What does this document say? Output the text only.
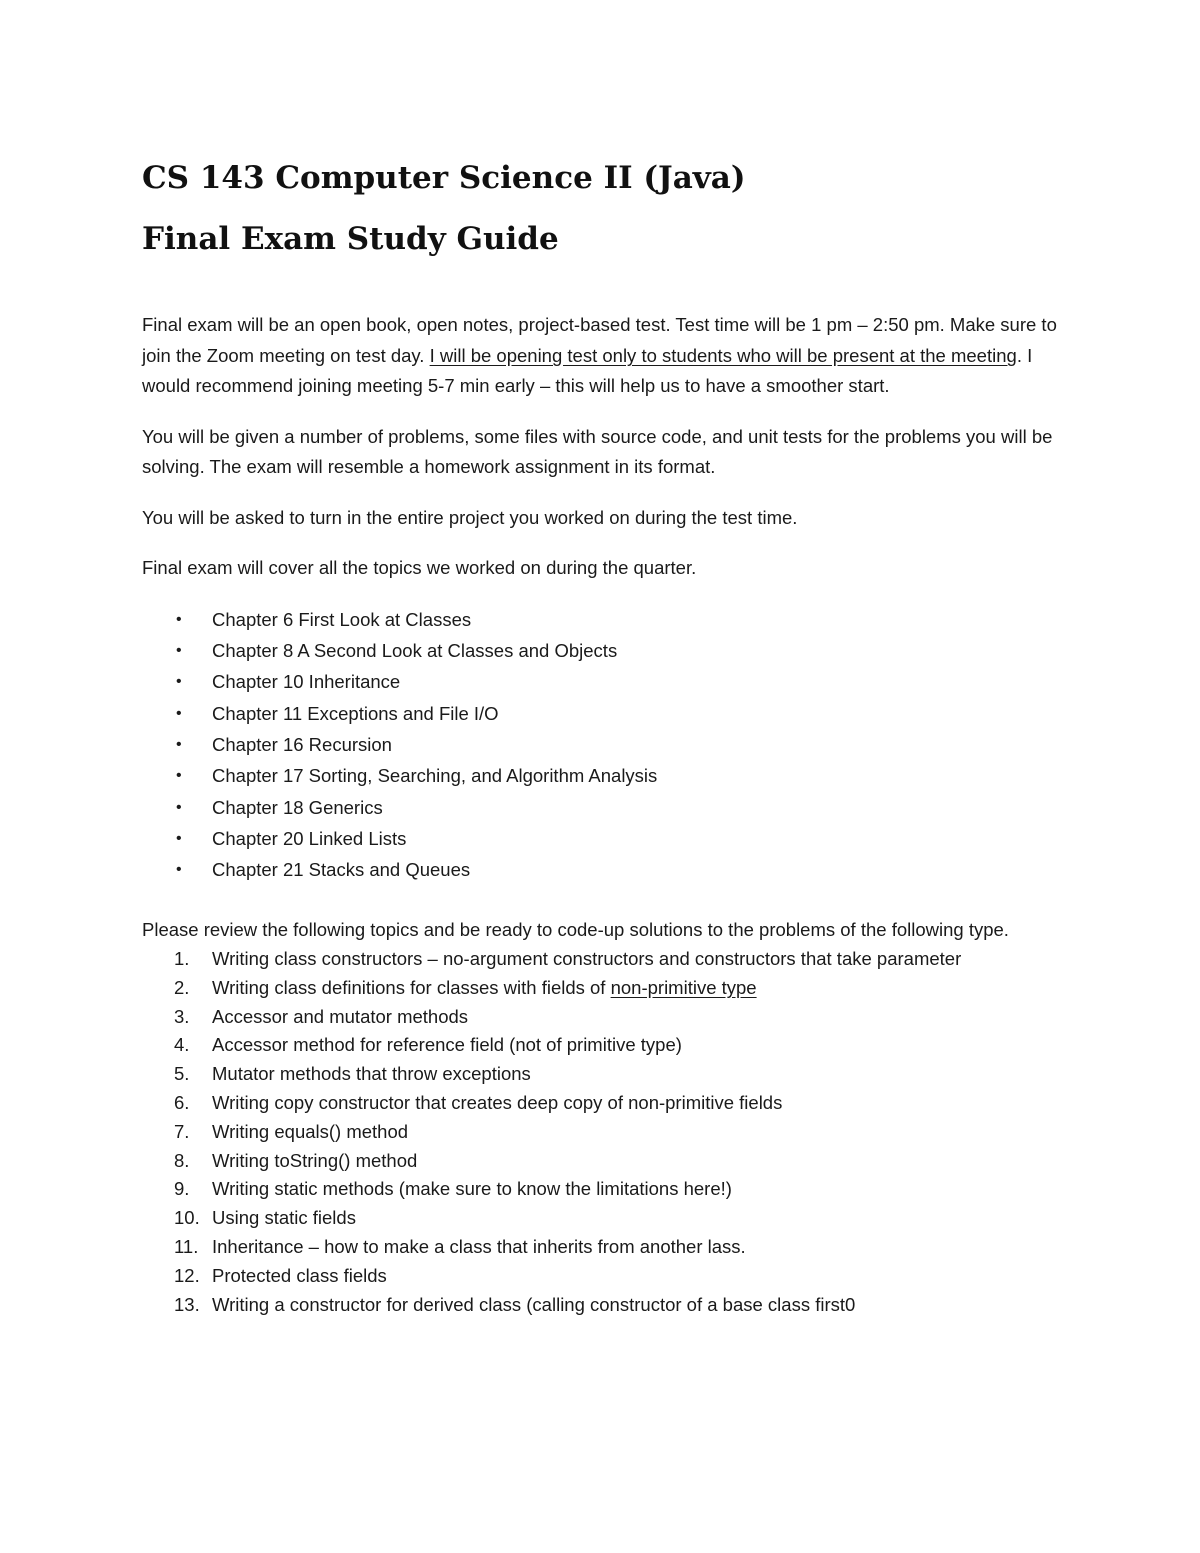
CS 143 Computer Science II (Java)
Final Exam Study Guide

Final exam will be an open book, open notes, project-based test. Test time will be 1 pm – 2:50 pm. Make sure to join the Zoom meeting on test day. I will be opening test only to students who will be present at the meeting. I would recommend joining meeting 5-7 min early – this will help us to have a smoother start.

You will be given a number of problems, some files with source code, and unit tests for the problems you will be solving. The exam will resemble a homework assignment in its format.

You will be asked to turn in the entire project you worked on during the test time.

Final exam will cover all the topics we worked on during the quarter.

• Chapter 6 First Look at Classes
• Chapter 8 A Second Look at Classes and Objects
• Chapter 10 Inheritance
• Chapter 11 Exceptions and File I/O
• Chapter 16 Recursion
• Chapter 17 Sorting, Searching, and Algorithm Analysis
• Chapter 18 Generics
• Chapter 20 Linked Lists
• Chapter 21 Stacks and Queues

Please review the following topics and be ready to code-up solutions to the problems of the following type.

1. Writing class constructors – no-argument constructors and constructors that take parameter
2. Writing class definitions for classes with fields of non-primitive type
3. Accessor and mutator methods
4. Accessor method for reference field (not of primitive type)
5. Mutator methods that throw exceptions
6. Writing copy constructor that creates deep copy of non-primitive fields
7. Writing equals() method
8. Writing toString() method
9. Writing static methods (make sure to know the limitations here!)
10. Using static fields
11. Inheritance – how to make a class that inherits from another lass.
12. Protected class fields
13. Writing a constructor for derived class (calling constructor of a base class first0
